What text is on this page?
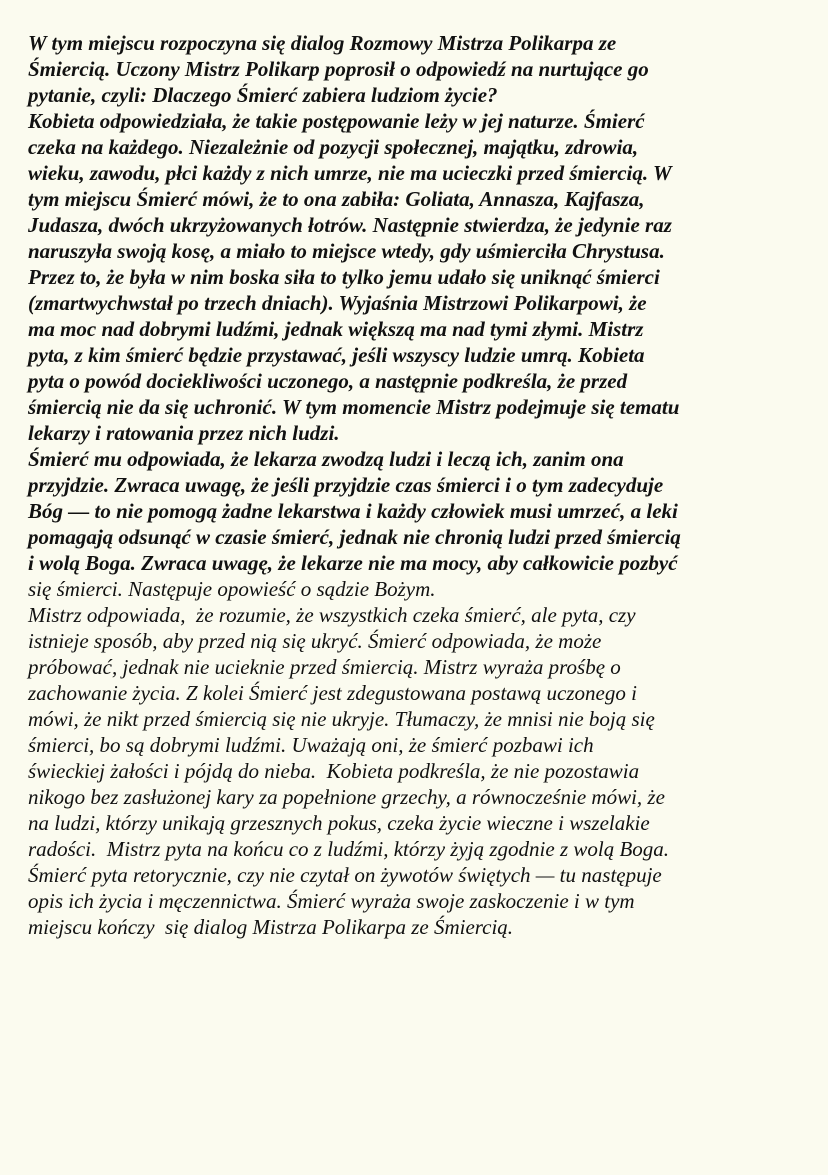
W tym miejscu rozpoczyna się dialog Rozmowy Mistrza Polikarpa ze
Śmiercią. Uczony Mistrz Polikarp poprosił o odpowiedź na nurtujące go
pytanie, czyli: Dlaczego Śmierć zabiera ludziom życie?
Kobieta odpowiedziała, że takie postępowanie leży w jej naturze. Śmierć
czeka na każdego. Niezależnie od pozycji społecznej, majątku, zdrowia,
wieku, zawodu, płci każdy z nich umrze, nie ma ucieczki przed śmiercią. W
tym miejscu Śmierć mówi, że to ona zabiła: Goliata, Annasza, Kajfasza,
Judasza, dwóch ukrzyżowanych łotrów. Następnie stwierdza, że jedynie raz
naruszyła swoją kosę, a miało to miejsce wtedy, gdy uśmierciła Chrystusa.
Przez to, że była w nim boska siła to tylko jemu udało się uniknąć śmierci
(zmartwychwstał po trzech dniach). Wyjaśnia Mistrzowi Polikarpowi, że
ma moc nad dobrymi ludźmi, jednak większą ma nad tymi złymi. Mistrz
pyta, z kim śmierć będzie przystawać, jeśli wszyscy ludzie umrą. Kobieta
pyta o powód dociekliwości uczonego, a następnie podkreśla, że przed
śmiercią nie da się uchronić. W tym momencie Mistrz podejmuje się tematu
lekarzy i ratowania przez nich ludzi.
Śmierć mu odpowiada, że lekarza zwodzą ludzi i leczą ich, zanim ona
przyjdzie. Zwraca uwagę, że jeśli przyjdzie czas śmierci i o tym zadecyduje
Bóg — to nie pomogą żadne lekarstwa i każdy człowiek musi umrzeć, a leki
pomagają odsunąć w czasie śmierć, jednak nie chronią ludzi przed śmiercią
i wolą Boga. Zwraca uwagę, że lekarze nie ma mocy, aby całkowicie pozbyć
się śmierci. Następuje opowieść o sądzie Bożym.
Mistrz odpowiada,  że rozumie, że wszystkich czeka śmierć, ale pyta, czy
istnieje sposób, aby przed nią się ukryć. Śmierć odpowiada, że może
próbować, jednak nie ucieknie przed śmiercią. Mistrz wyraża prośbę o
zachowanie życia. Z kolei Śmierć jest zdegustowana postawą uczonego i
mówi, że nikt przed śmiercią się nie ukryje. Tłumaczy, że mnisi nie boją się
śmierci, bo są dobrymi ludźmi. Uważają oni, że śmierć pozbawi ich
świeckiej żałości i pójdą do nieba.  Kobieta podkreśla, że nie pozostawia
nikogo bez zasłużonej kary za popełnione grzechy, a równocześnie mówi, że
na ludzi, którzy unikają grzesznych pokus, czeka życie wieczne i wszelakie
radości.  Mistrz pyta na końcu co z ludźmi, którzy żyją zgodnie z wolą Boga.
Śmierć pyta retorycznie, czy nie czytał on żywotów świętych — tu następuje
opis ich życia i męczennictwa. Śmierć wyraża swoje zaskoczenie i w tym
miejscu kończy  się dialog Mistrza Polikarpa ze Śmiercią.
